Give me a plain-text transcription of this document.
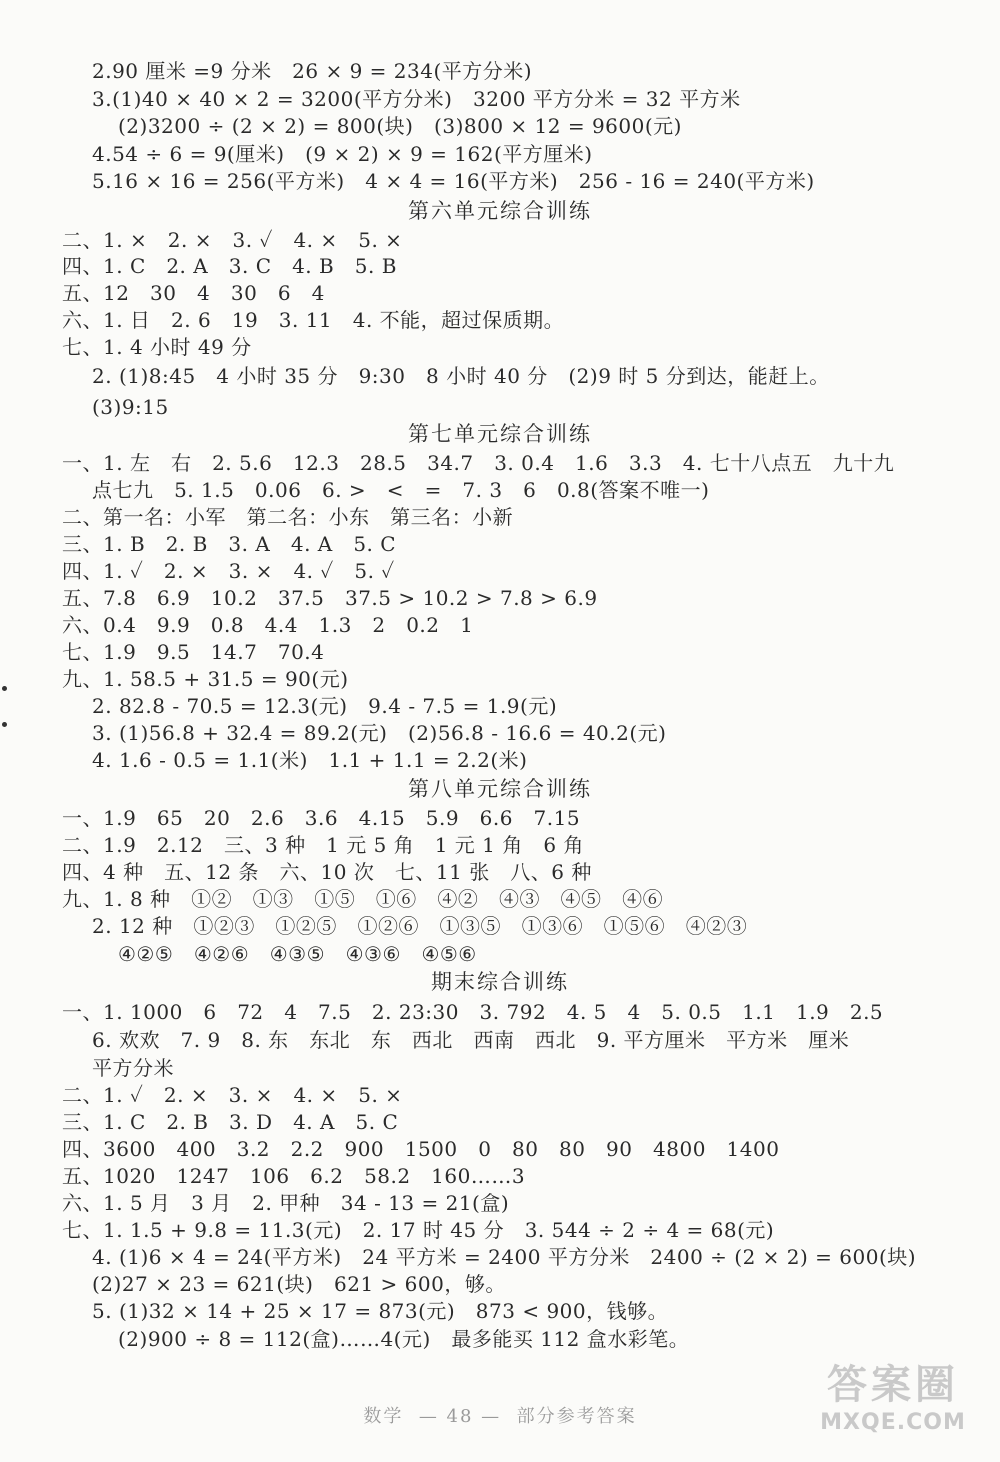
2.90 厘米 =9 分米   26 × 9 = 234(平方分米)
3.(1)40 × 40 × 2 = 3200(平方分米)   3200 平方分米 = 32 平方米
(2)3200 ÷ (2 × 2) = 800(块)   (3)800 × 12 = 9600(元)
4.54 ÷ 6 = 9(厘米)   (9 × 2) × 9 = 162(平方厘米)
5.16 × 16 = 256(平方米)   4 × 4 = 16(平方米)   256 - 16 = 240(平方米)
第六单元综合训练
二、1. ×   2. ×   3. ✓   4. ×   5. ×
四、1. C   2. A   3. C   4. B   5. B
五、12   30   4   30   6   4
六、1. 日   2. 6   19   3. 11   4. 不能，超过保质期。
七、1. 4 小时 49 分
2. (1)8:45   4 小时 35 分   9:30   8 小时 40 分   (2)9 时 5 分到达，能赶上。
(3)9:15
第七单元综合训练
一、1. 左   右   2. 5.6   12.3   28.5   34.7   3. 0.4   1.6   3.3   4. 七十八点五   九十九
点七九   5. 1.5   0.06   6. >   <   =   7. 3   6   0.8(答案不唯一)
二、第一名：小军   第二名：小东   第三名：小新
三、1. B   2. B   3. A   4. A   5. C
四、1. ✓   2. ×   3. ×   4. ✓   5. ✓
五、7.8   6.9   10.2   37.5   37.5 > 10.2 > 7.8 > 6.9
六、0.4   9.9   0.8   4.4   1.3   2   0.2   1
七、1.9   9.5   14.7   70.4
九、1. 58.5 + 31.5 = 90(元)
2. 82.8 - 70.5 = 12.3(元)   9.4 - 7.5 = 1.9(元)
3. (1)56.8 + 32.4 = 89.2(元)   (2)56.8 - 16.6 = 40.2(元)
4. 1.6 - 0.5 = 1.1(米)   1.1 + 1.1 = 2.2(米)
第八单元综合训练
一、1.9   65   20   2.6   3.6   4.15   5.9   6.6   7.15
二、1.9   2.12   三、3 种   1 元 5 角   1 元 1 角   6 角
四、4 种   五、12 条   六、10 次   七、11 张   八、6 种
九、1. 8 种   ①②   ①③   ①⑤   ①⑥   ④②   ④③   ④⑤   ④⑥
2. 12 种   ①②③   ①②⑤   ①②⑥   ①③⑤   ①③⑥   ①⑤⑥   ④②③
④②⑤   ④②⑥   ④③⑤   ④③⑥   ④⑤⑥
期末综合训练
一、1. 1000   6   72   4   7.5   2. 23:30   3. 792   4. 5   4   5. 0.5   1.1   1.9   2.5
6. 欢欢   7. 9   8. 东   东北   东   西北   西南   西北   9. 平方厘米   平方米   厘米
平方分米
二、1. ✓   2. ×   3. ×   4. ×   5. ×
三、1. C   2. B   3. D   4. A   5. C
四、3600   400   3.2   2.2   900   1500   0   80   80   90   4800   1400
五、1020   1247   106   6.2   58.2   160……3
六、1. 5 月   3 月   2. 甲种   34 - 13 = 21(盒)
七、1. 1.5 + 9.8 = 11.3(元)   2. 17 时 45 分   3. 544 ÷ 2 ÷ 4 = 68(元)
4. (1)6 × 4 = 24(平方米)   24 平方米 = 2400 平方分米   2400 ÷ (2 × 2) = 600(块)
(2)27 × 23 = 621(块)   621 > 600，够。
5. (1)32 × 14 + 25 × 17 = 873(元)   873 < 900，钱够。
(2)900 ÷ 8 = 112(盒)……4(元)   最多能买 112 盒水彩笔。
数学  — 48 —  部分参考答案
答案圈
MXQE.COM
